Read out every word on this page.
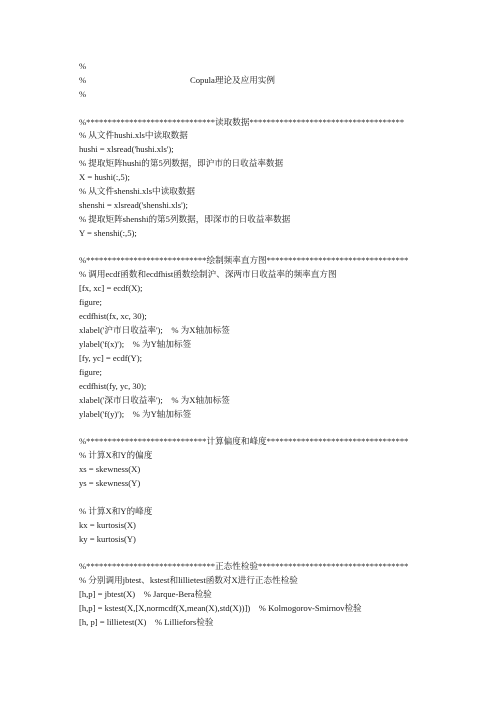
%
%	Copula理论及应用实例
%
%******************************读取数据************************************
% 从文件hushi.xls中读取数据
hushi = xlsread('hushi.xls');
% 提取矩阵hushi的第5列数据，即沪市的日收益率数据
X = hushi(:,5);
% 从文件shenshi.xls中读取数据
shenshi = xlsread('shenshi.xls');
% 提取矩阵shenshi的第5列数据，即深市的日收益率数据
Y = shenshi(:,5);
%****************************绘制频率直方图*********************************
% 调用ecdf函数和ecdfhist函数绘制沪、深两市日收益率的频率直方图
[fx, xc] = ecdf(X);
figure;
ecdfhist(fx, xc, 30);
xlabel('沪市日收益率');    % 为X轴加标签
ylabel('f(x)');    % 为Y轴加标签
[fy, yc] = ecdf(Y);
figure;
ecdfhist(fy, yc, 30);
xlabel('深市日收益率');    % 为X轴加标签
ylabel('f(y)');    % 为Y轴加标签
%****************************计算偏度和峰度*********************************
% 计算X和Y的偏度
xs = skewness(X)
ys = skewness(Y)
% 计算X和Y的峰度
kx = kurtosis(X)
ky = kurtosis(Y)
%******************************正态性检验***********************************
% 分别调用jbtest、kstest和lillietest函数对X进行正态性检验
[h,p] = jbtest(X)    % Jarque-Bera检验
[h,p] = kstest(X,[X,normcdf(X,mean(X),std(X))])    % Kolmogorov-Smirnov检验
[h, p] = lillietest(X)    % Lilliefors检验
